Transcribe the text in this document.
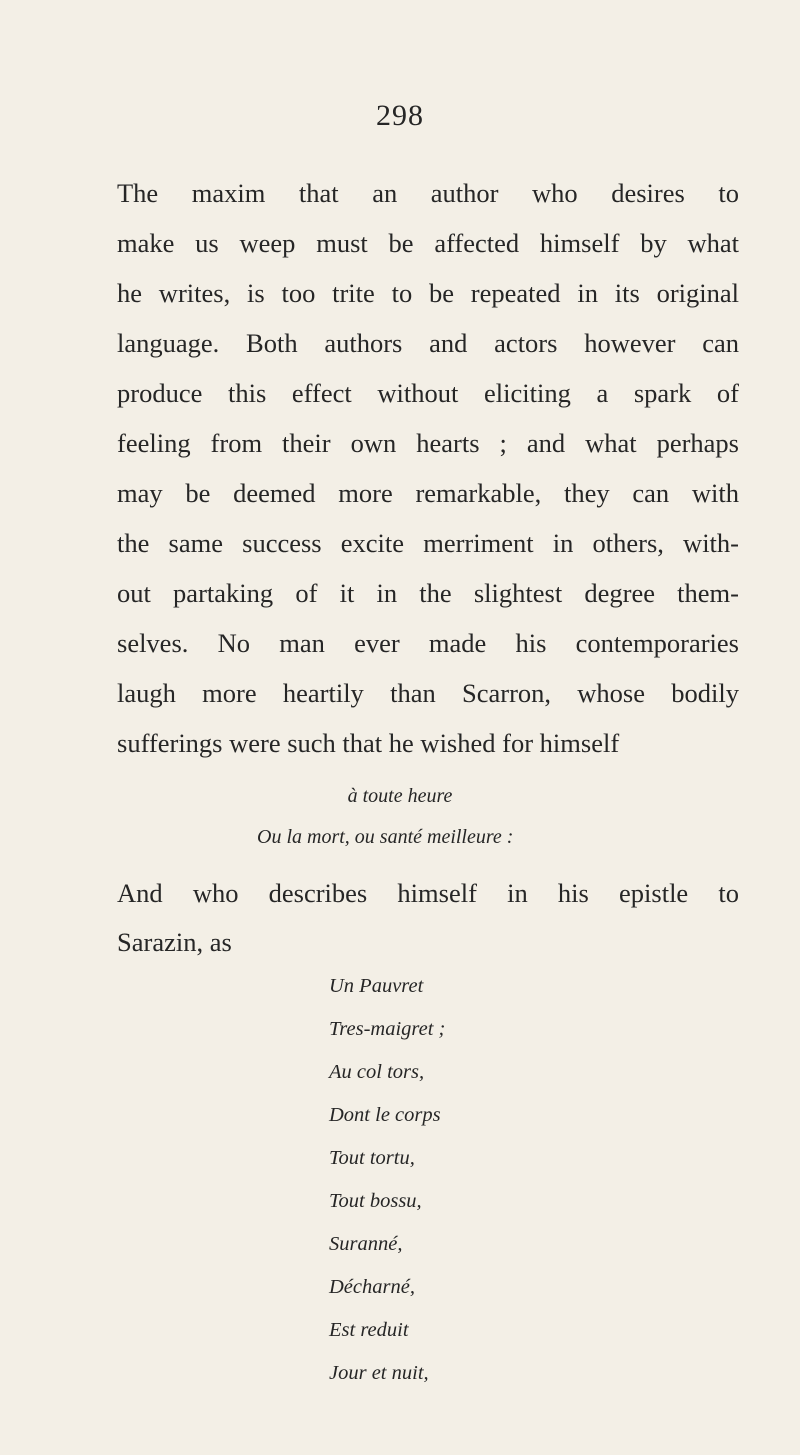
298
The maxim that an author who desires to
make us weep must be affected himself by what
he writes, is too trite to be repeated in its original
language. Both authors and actors however can
produce this effect without eliciting a spark of
feeling from their own hearts ; and what perhaps
may be deemed more remarkable, they can with
the same success excite merriment in others, with-
out partaking of it in the slightest degree them-
selves. No man ever made his contemporaries
laugh more heartily than Scarron, whose bodily
sufferings were such that he wished for himself
à toute heure
Ou la mort, ou santé meilleure :
And who describes himself in his epistle to
Sarazin, as
Un Pauvret
Tres-maigret ;
Au col tors,
Dont le corps
Tout tortu,
Tout bossu,
Suranné,
Décharné,
Est reduit
Jour et nuit,
